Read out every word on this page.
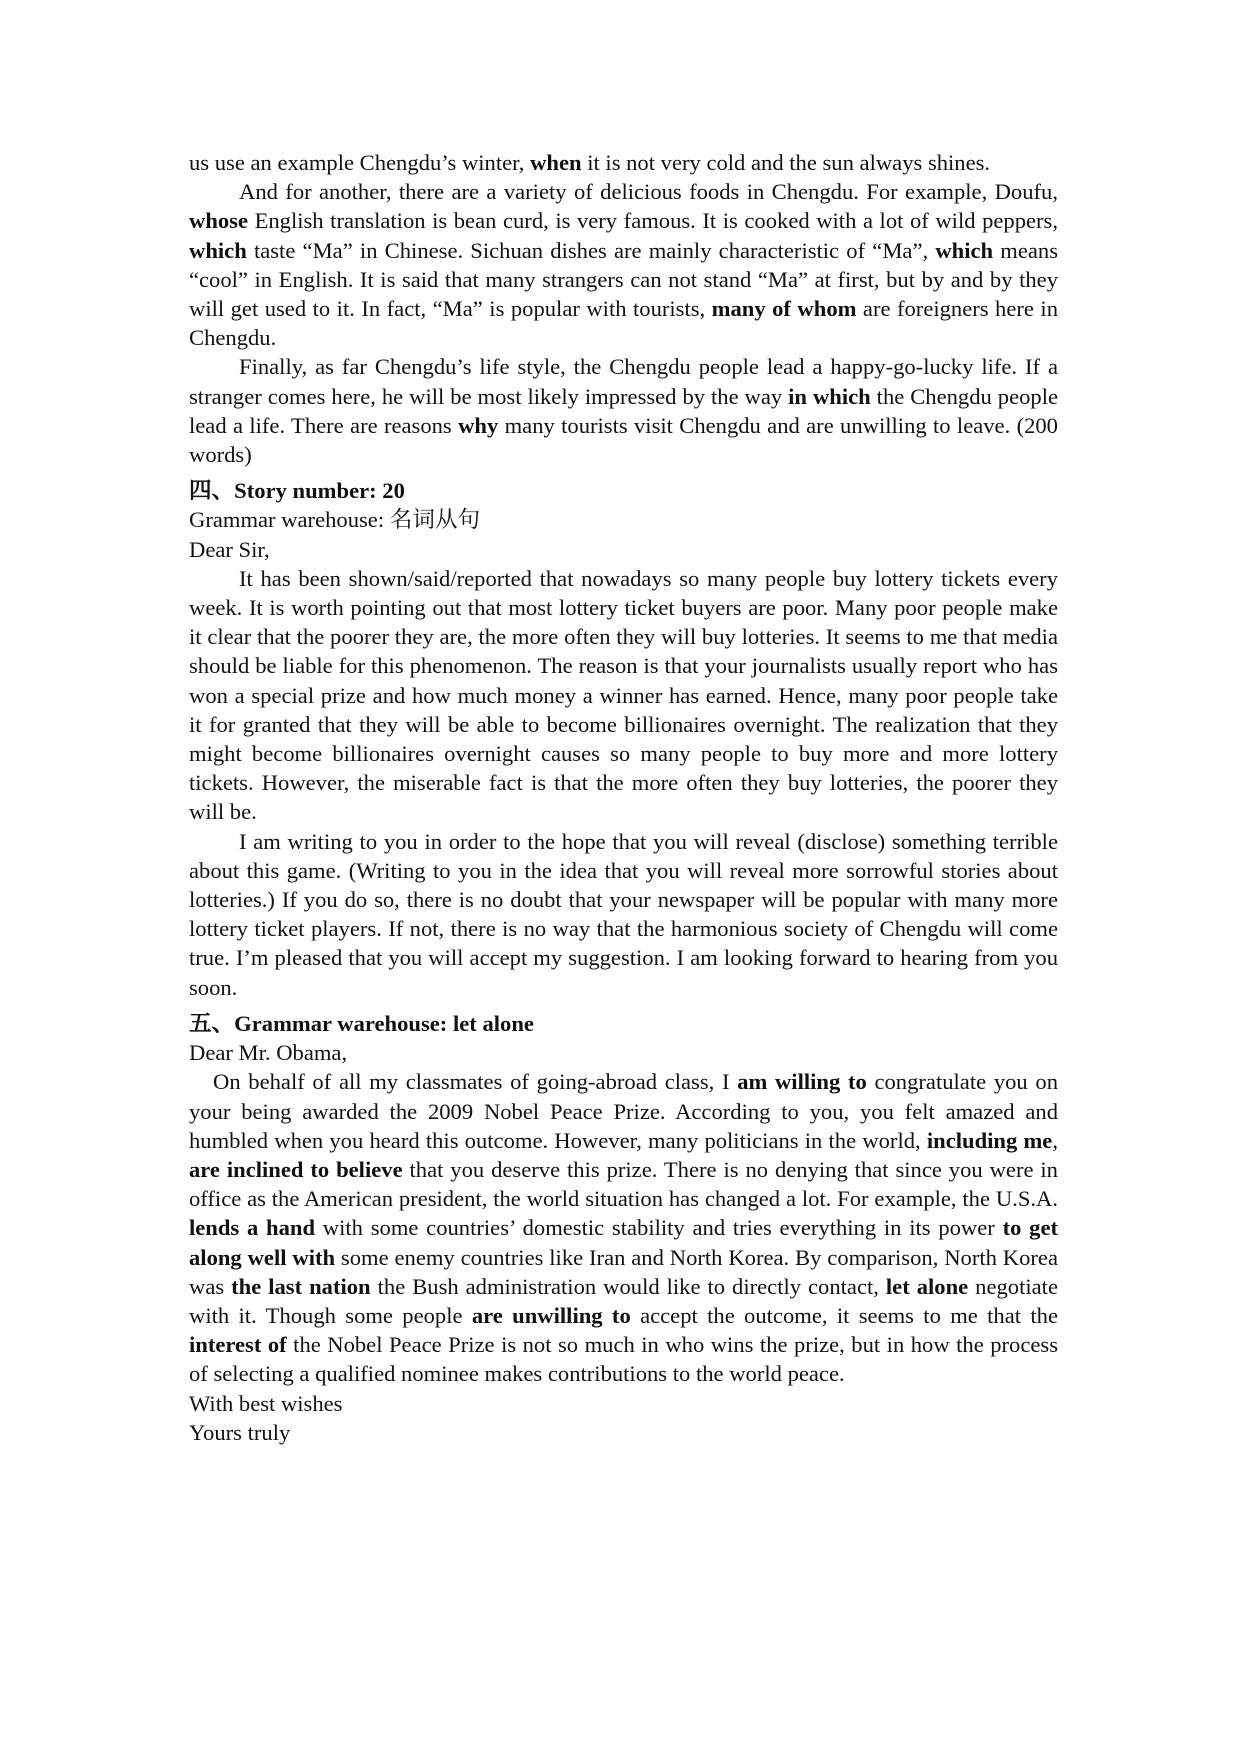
us use an example Chengdu’s winter, when it is not very cold and the sun always shines.

And for another, there are a variety of delicious foods in Chengdu. For example, Doufu, whose English translation is bean curd, is very famous. It is cooked with a lot of wild peppers, which taste “Ma” in Chinese. Sichuan dishes are mainly characteristic of “Ma”, which means “cool” in English. It is said that many strangers can not stand “Ma” at first, but by and by they will get used to it. In fact, “Ma” is popular with tourists, many of whom are foreigners here in Chengdu.

Finally, as far Chengdu’s life style, the Chengdu people lead a happy-go-lucky life. If a stranger comes here, he will be most likely impressed by the way in which the Chengdu people lead a life. There are reasons why many tourists visit Chengdu and are unwilling to leave. (200 words)

四、Story number: 20
Grammar warehouse: 名词从句
Dear Sir,

It has been shown/said/reported that nowadays so many people buy lottery tickets every week. It is worth pointing out that most lottery ticket buyers are poor. Many poor people make it clear that the poorer they are, the more often they will buy lotteries. It seems to me that media should be liable for this phenomenon. The reason is that your journalists usually report who has won a special prize and how much money a winner has earned. Hence, many poor people take it for granted that they will be able to become billionaires overnight. The realization that they might become billionaires overnight causes so many people to buy more and more lottery tickets. However, the miserable fact is that the more often they buy lotteries, the poorer they will be.

I am writing to you in order to the hope that you will reveal (disclose) something terrible about this game. (Writing to you in the idea that you will reveal more sorrowful stories about lotteries.) If you do so, there is no doubt that your newspaper will be popular with many more lottery ticket players. If not, there is no way that the harmonious society of Chengdu will come true. I’m pleased that you will accept my suggestion. I am looking forward to hearing from you soon.

五、Grammar warehouse: let alone
Dear Mr. Obama,

On behalf of all my classmates of going-abroad class, I am willing to congratulate you on your being awarded the 2009 Nobel Peace Prize. According to you, you felt amazed and humbled when you heard this outcome. However, many politicians in the world, including me, are inclined to believe that you deserve this prize. There is no denying that since you were in office as the American president, the world situation has changed a lot. For example, the U.S.A. lends a hand with some countries’ domestic stability and tries everything in its power to get along well with some enemy countries like Iran and North Korea. By comparison, North Korea was the last nation the Bush administration would like to directly contact, let alone negotiate with it. Though some people are unwilling to accept the outcome, it seems to me that the interest of the Nobel Peace Prize is not so much in who wins the prize, but in how the process of selecting a qualified nominee makes contributions to the world peace.

With best wishes
Yours truly
